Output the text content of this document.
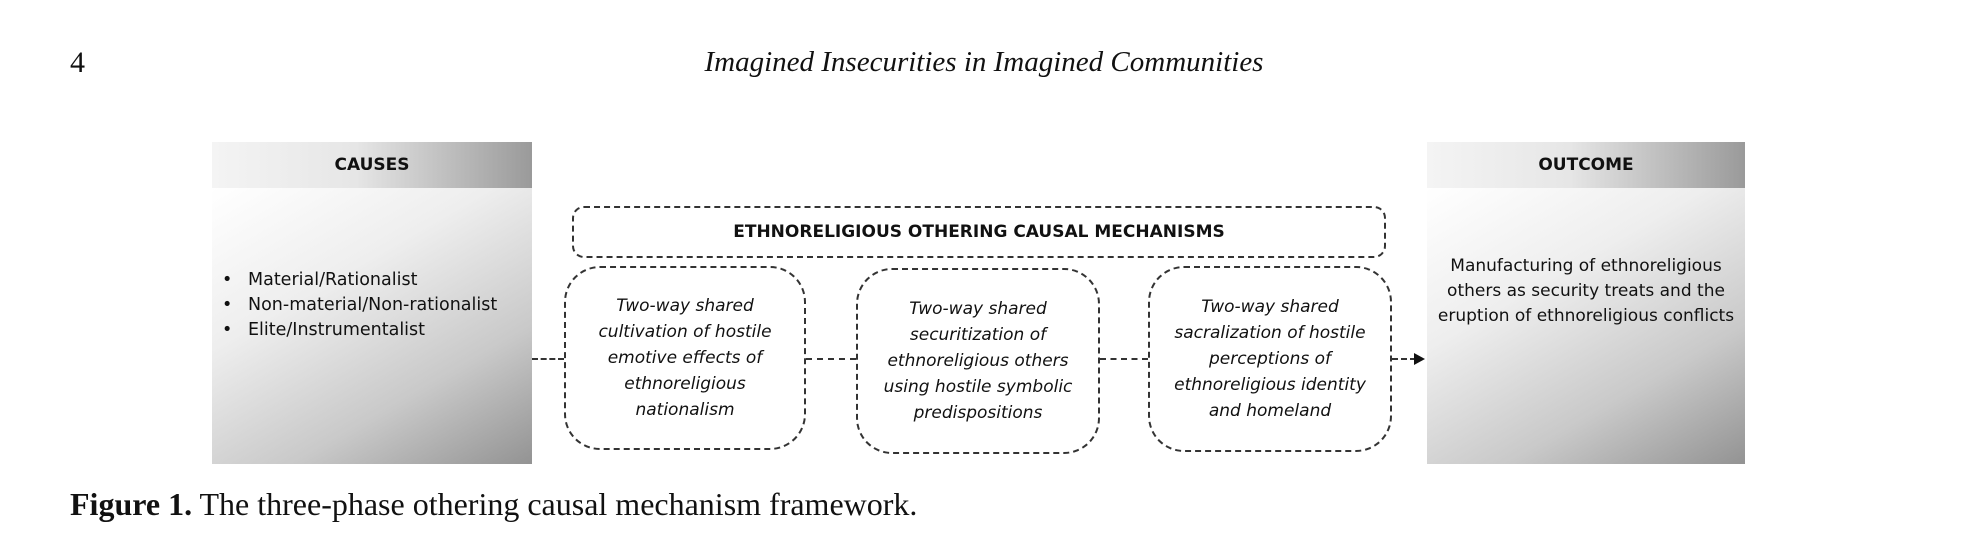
4	Imagined Insecurities in Imagined Communities
CAUSES
• Material/Rationalist
• Non-material/Non-rationalist
• Elite/Instrumentalist
ETHNORELIGIOUS OTHERING CAUSAL MECHANISMS
Two-way shared cultivation of hostile emotive effects of ethnoreligious nationalism
Two-way shared securitization of ethnoreligious others using hostile symbolic predispositions
Two-way shared sacralization of hostile perceptions of ethnoreligious identity and homeland
OUTCOME
Manufacturing of ethnoreligious others as security treats and the eruption of ethnoreligious conflicts
Figure 1. The three-phase othering causal mechanism framework.
